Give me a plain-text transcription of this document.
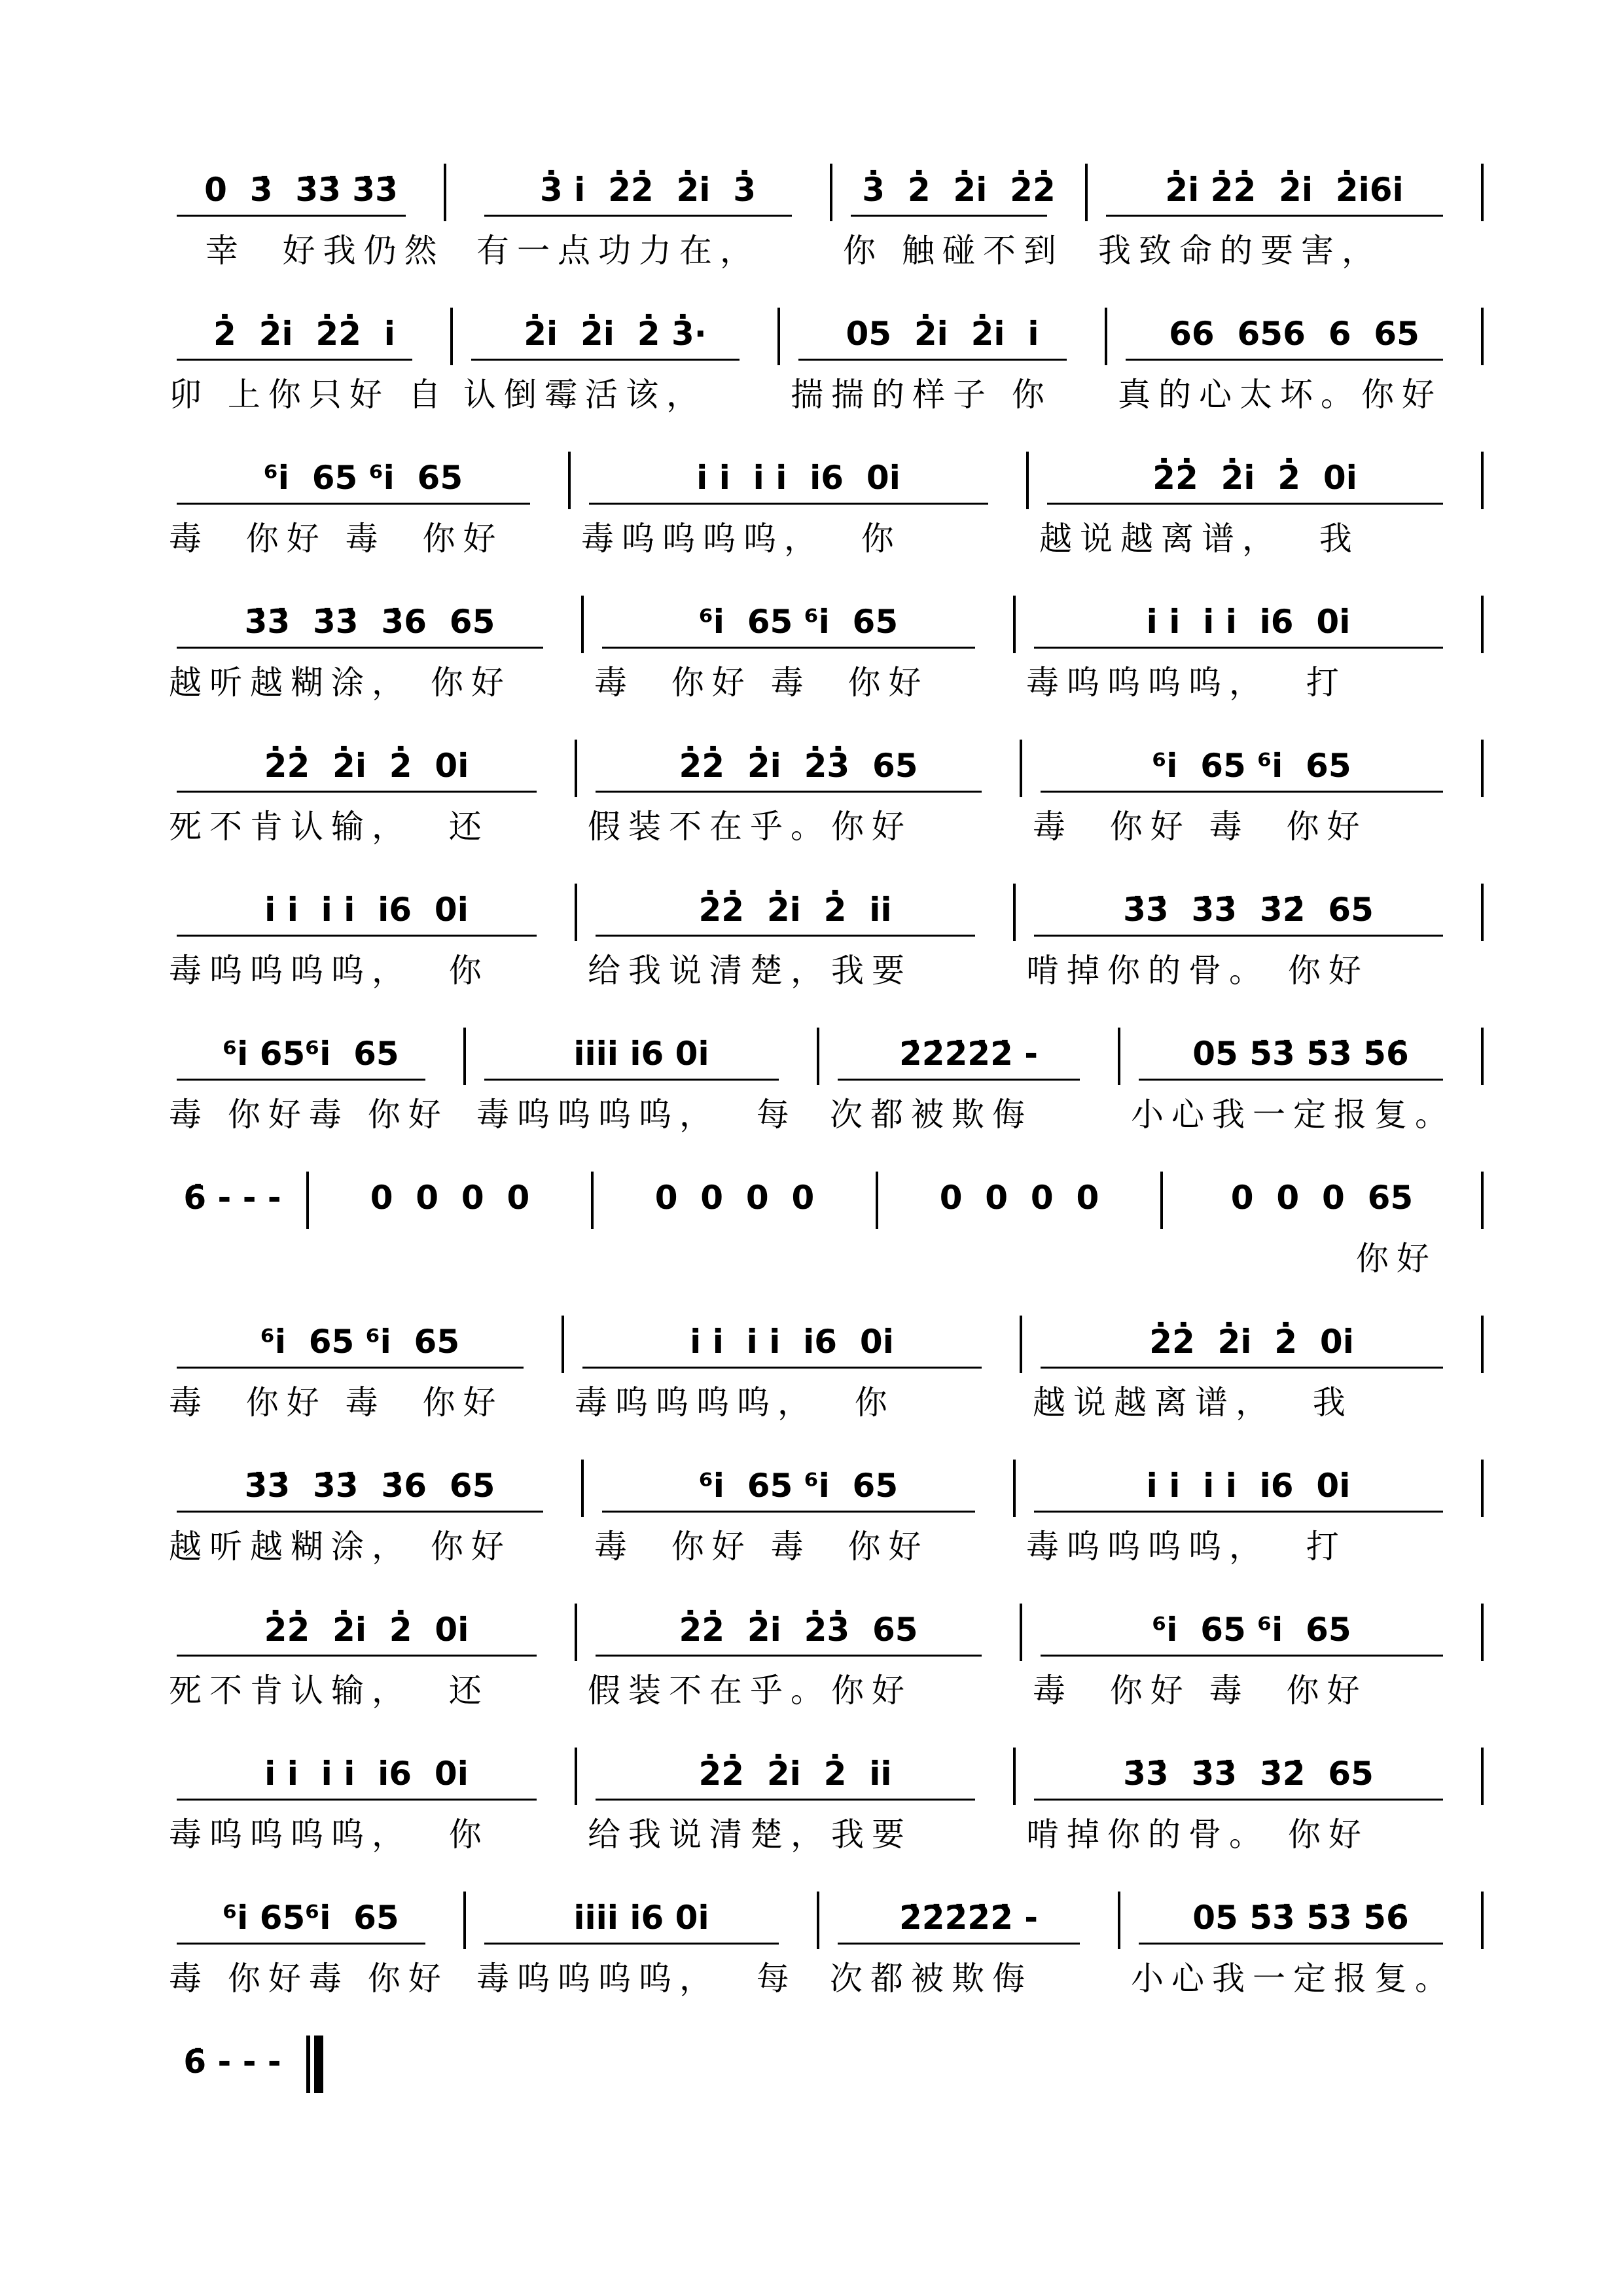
0  3̇  3̇3̇ 3̇3̇
幸  好我仍然
3̇ i̇  2̇2̇  2̇i̇  3̇
有一点功力在，
3̇  2̇  2̇i̇  2̇2̇
你 触碰不到
2̇i̇ 2̇2̇  2̇i̇  2̇i̇6i̇
我致命的要害，
2̇  2̇i̇  2̇2̇  i̇
卯 上你只好 自
2̇i̇  2̇i̇  2̇ 3̇·
认倒霉活该，
05  2̇i̇  2̇i̇  i̇
揣揣的样子 你
66  656  6  65
真的心太坏。你好
⁶i̇  65 ⁶i̇  65
毒  你好 毒  你好
i̇ i̇  i̇ i̇  i̇6  0i̇
毒呜呜呜呜，  你
2̇2̇  2̇i̇  2̇  0i̇
越说越离谱，  我
3̇3̇  3̇3̇  3̇6  65
越听越糊涂， 你好
⁶i̇  65 ⁶i̇  65
毒  你好 毒  你好
i̇ i̇  i̇ i̇  i̇6  0i̇
毒呜呜呜呜，  打
2̇2̇  2̇i̇  2̇  0i̇
死不肯认输，  还
2̇2̇  2̇i̇  2̇3̇  65
假装不在乎。你好
⁶i̇  65 ⁶i̇  65
毒  你好 毒  你好
i̇ i̇  i̇ i̇  i̇6  0i̇
毒呜呜呜呜，  你
2̇2̇  2̇i̇  2̇  i̇i̇
给我说清楚，我要
3̇3̇  3̇3̇  3̇2̇  65
啃掉你的骨。 你好
⁶i̇ 65⁶i̇  65
毒 你好毒 你好
i̇i̇i̇i̇ i̇6 0i̇
毒呜呜呜呜，  每
2̇2̇2̇2̇2̇ -
次都被欺侮
05 5̇3̇ 5̇3̇ 5̇6̇
小心我一定报复。
6̇ - - -	0  0  0  0	0  0  0  0	0  0  0  0	0  0  0  65
你好
⁶i̇  65 ⁶i̇  65
毒  你好 毒  你好
i̇ i̇  i̇ i̇  i̇6  0i̇
毒呜呜呜呜，  你
2̇2̇  2̇i̇  2̇  0i̇
越说越离谱，  我
3̇3̇  3̇3̇  3̇6  65
越听越糊涂， 你好
⁶i̇  65 ⁶i̇  65
毒  你好 毒  你好
i̇ i̇  i̇ i̇  i̇6  0i̇
毒呜呜呜呜，  打
2̇2̇  2̇i̇  2̇  0i̇
死不肯认输，  还
2̇2̇  2̇i̇  2̇3̇  65
假装不在乎。你好
⁶i̇  65 ⁶i̇  65
毒  你好 毒  你好
i̇ i̇  i̇ i̇  i̇6  0i̇
毒呜呜呜呜，  你
2̇2̇  2̇i̇  2̇  i̇i̇
给我说清楚，我要
3̇3̇  3̇3̇  3̇2̇  65
啃掉你的骨。 你好
⁶i̇ 65⁶i̇  65
毒 你好毒 你好
i̇i̇i̇i̇ i̇6 0i̇
毒呜呜呜呜，  每
2̇2̇2̇2̇2̇ -
次都被欺侮
05 5̇3̇ 5̇3̇ 5̇6̇
小心我一定报复。
6̇ - - -
